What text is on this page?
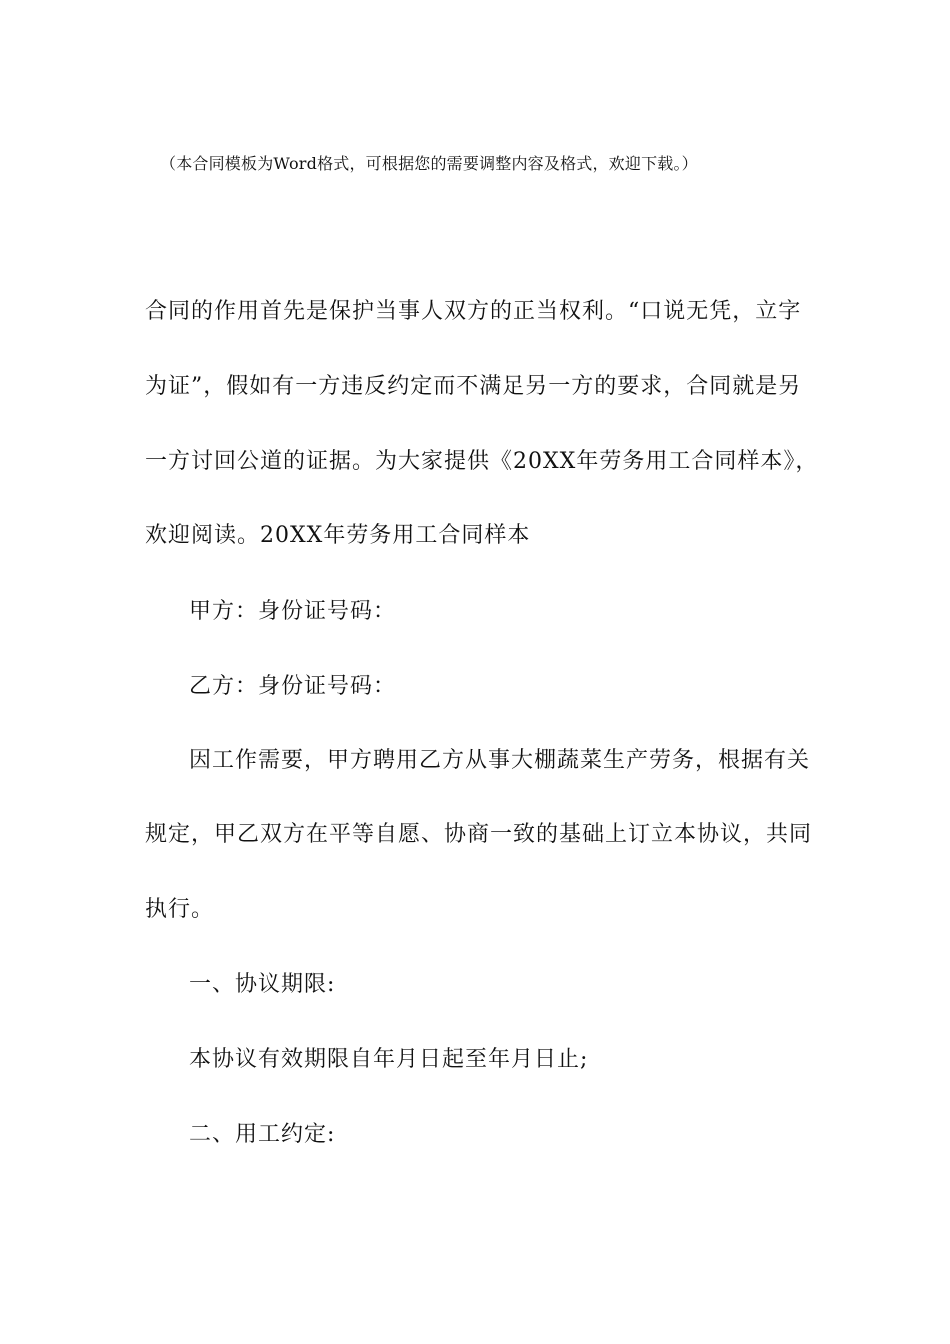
（本合同模板为Word格式，可根据您的需要调整内容及格式，欢迎下载。）
合同的作用首先是保护当事人双方的正当权利。“口说无凭，立字
为证”，假如有一方违反约定而不满足另一方的要求，合同就是另
一方讨回公道的证据。为大家提供《20XX年劳务用工合同样本》，
欢迎阅读。20XX年劳务用工合同样本
甲方：身份证号码：
乙方：身份证号码：
因工作需要，甲方聘用乙方从事大棚蔬菜生产劳务，根据有关
规定，甲乙双方在平等自愿、协商一致的基础上订立本协议，共同
执行。
一、协议期限:
本协议有效期限自年月日起至年月日止;
二、用工约定:
